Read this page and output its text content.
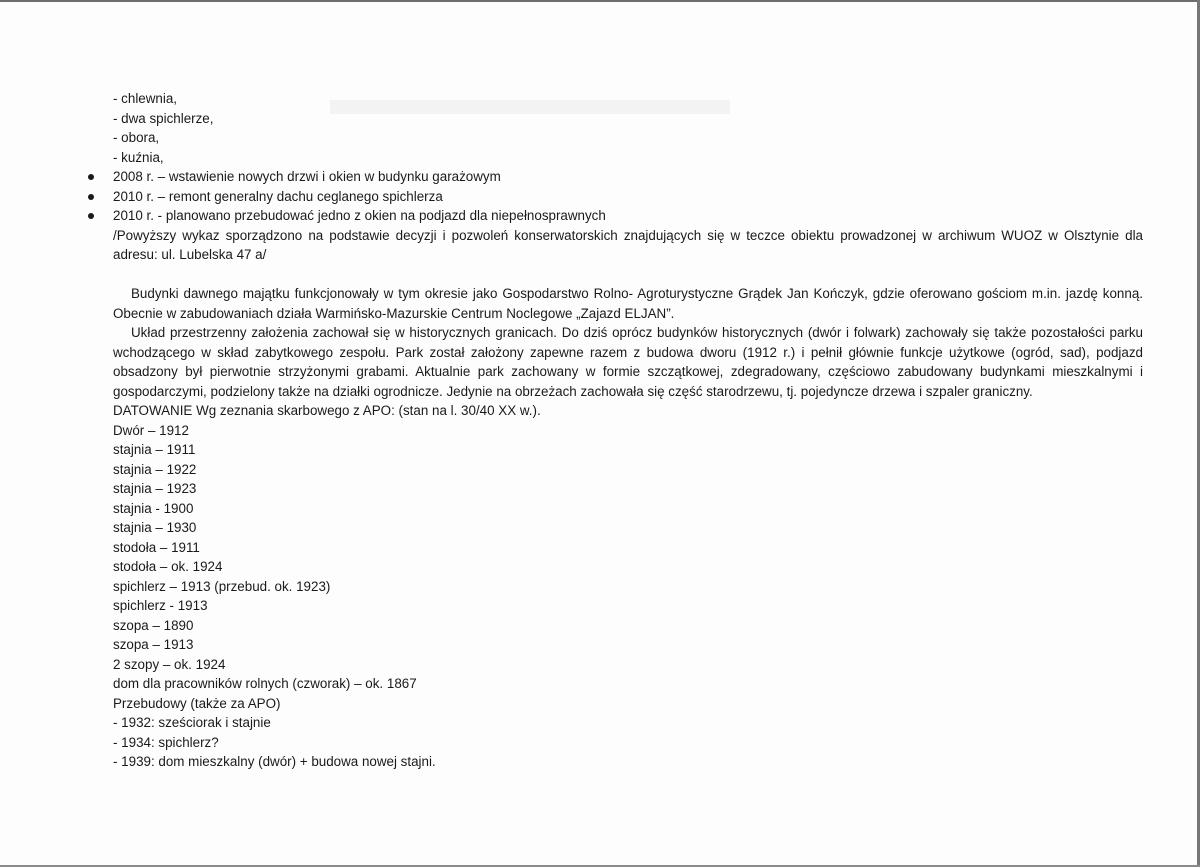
- chlewnia,
- dwa spichlerze,
- obora,
- kuźnia,
2008 r. – wstawienie nowych drzwi i okien w budynku garażowym
2010 r. – remont generalny dachu ceglanego spichlerza
2010 r. - planowano przebudować jedno z okien na podjazd dla niepełnosprawnych
/Powyższy wykaz sporządzono na podstawie decyzji i pozwoleń konserwatorskich znajdujących się w teczce obiektu prowadzonej w archiwum WUOZ w Olsztynie dla adresu: ul. Lubelska 47 a/
Budynki dawnego majątku funkcjonowały w tym okresie jako Gospodarstwo Rolno- Agroturystyczne Grądek Jan Kończyk, gdzie oferowano gościom m.in. jazdę konną. Obecnie w zabudowaniach działa Warmińsko-Mazurskie Centrum Noclegowe „Zajazd ELJAN”.
Układ przestrzenny założenia zachował się w historycznych granicach. Do dziś oprócz budynków historycznych (dwór i folwark) zachowały się także pozostałości parku wchodzącego w skład zabytkowego zespołu. Park został założony zapewne razem z budowa dworu (1912 r.) i pełnił głównie funkcje użytkowe (ogród, sad), podjazd obsadzony był pierwotnie strzyżonymi grabami. Aktualnie park zachowany w formie szczątkowej, zdegradowany, częściowo zabudowany budynkami mieszkalnymi i gospodarczymi, podzielony także na działki ogrodnicze. Jedynie na obrzeżach zachowała się część starodrzewu, tj. pojedyncze drzewa i szpaler graniczny.
DATOWANIE Wg zeznania skarbowego z APO: (stan na l. 30/40 XX w.).
Dwór – 1912
stajnia – 1911
stajnia – 1922
stajnia – 1923
stajnia - 1900
stajnia – 1930
stodoła – 1911
stodoła – ok. 1924
spichlerz – 1913 (przebud. ok. 1923)
spichlerz - 1913
szopa – 1890
szopa – 1913
2 szopy – ok. 1924
dom dla pracowników rolnych (czworak) – ok. 1867
Przebudowy (także za APO)
- 1932: sześciorak i stajnie
- 1934: spichlerz?
- 1939: dom mieszkalny (dwór) + budowa nowej stajni.
